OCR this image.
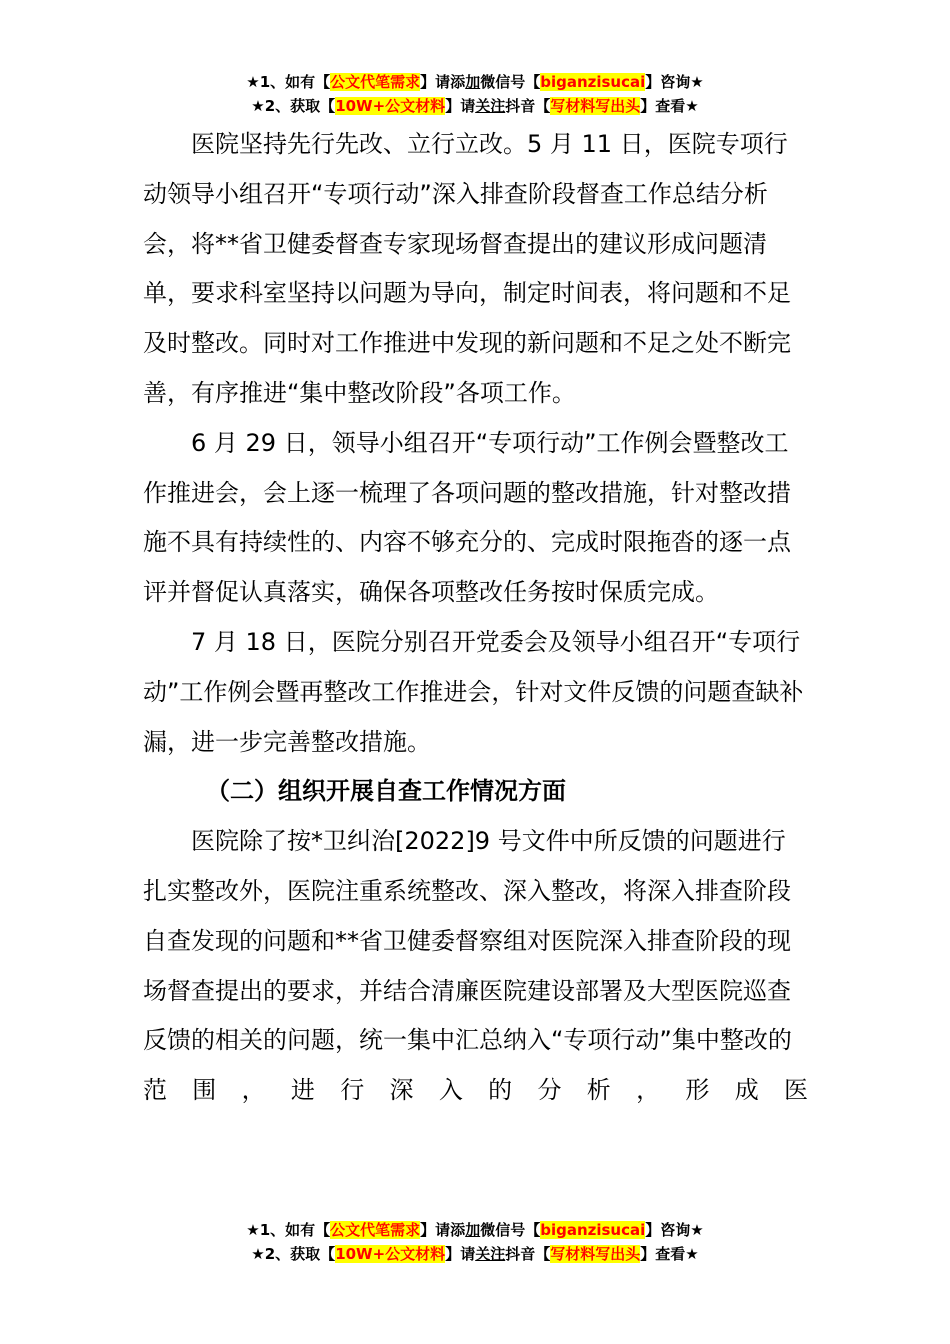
★1、如有【公文代笔需求】请添加微信号【biganzisucai】咨询★
★2、获取【10W+公文材料】请关注抖音【写材料写出头】查看★

医院坚持先行先改、立行立改。5 月 11 日，医院专项行动领导小组召开“专项行动”深入排查阶段督查工作总结分析会，将**省卫健委督查专家现场督查提出的建议形成问题清单，要求科室坚持以问题为导向，制定时间表，将问题和不足及时整改。同时对工作推进中发现的新问题和不足之处不断完善，有序推进“集中整改阶段”各项工作。

6 月 29 日，领导小组召开“专项行动”工作例会暨整改工作推进会，会上逐一梳理了各项问题的整改措施，针对整改措施不具有持续性的、内容不够充分的、完成时限拖沓的逐一点评并督促认真落实，确保各项整改任务按时保质完成。

7 月 18 日，医院分别召开党委会及领导小组召开“专项行动”工作例会暨再整改工作推进会，针对文件反馈的问题查缺补漏，进一步完善整改措施。

（二）组织开展自查工作情况方面

医院除了按*卫纠治[2022]9 号文件中所反馈的问题进行扎实整改外，医院注重系统整改、深入整改，将深入排查阶段自查发现的问题和**省卫健委督察组对医院深入排查阶段的现场督查提出的要求，并结合清廉医院建设部署及大型医院巡查反馈的相关的问题，统一集中汇总纳入“专项行动”集中整改的范围，进行深入的分析，形成医

★1、如有【公文代笔需求】请添加微信号【biganzisucai】咨询★
★2、获取【10W+公文材料】请关注抖音【写材料写出头】查看★
